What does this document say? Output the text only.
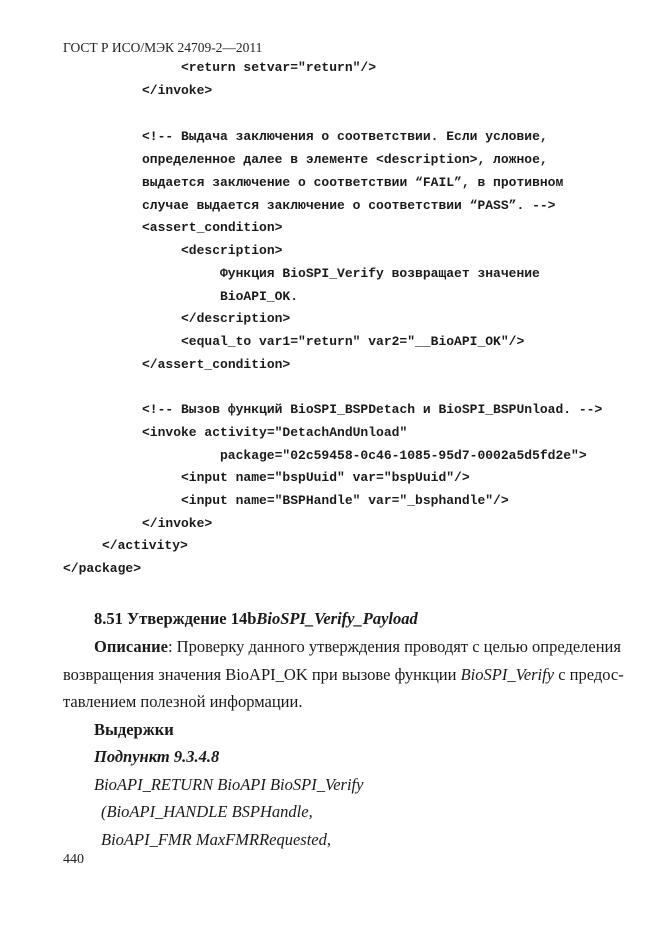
ГОСТ Р ИСО/МЭК 24709-2—2011
<return setvar="return"/>
</invoke>
<!-- Выдача заключения о соответствии. Если условие,
определенное далее в элементе <description>, ложное,
выдается заключение о соответствии “FAIL”, в противном
случае выдается заключение о соответствии “PASS”. -->
<assert_condition>
<description>
Функция BioSPI_Verify возвращает значение
BioAPI_OK.
</description>
<equal_to var1="return" var2="__BioAPI_OK"/>
</assert_condition>
<!-- Вызов функций BioSPI_BSPDetach и BioSPI_BSPUnload. -->
<invoke activity="DetachAndUnload"
package="02c59458-0c46-1085-95d7-0002a5d5fd2e">
<input name="bspUuid" var="bspUuid"/>
<input name="BSPHandle" var="_bsphandle"/>
</invoke>
</activity>
</package>
8.51 Утверждение 14bBioSPI_Verify_Payload
Описание: Проверку данного утверждения проводят с целью определения
возвращения значения BioAPI_OK при вызове функции BioSPI_Verify с предос-
тавлением полезной информации.
Выдержки
Подпункт 9.3.4.8
BioAPI_RETURN BioAPI BioSPI_Verify
(BioAPI_HANDLE BSPHandle,
BioAPI_FMR MaxFMRRequested,
440
